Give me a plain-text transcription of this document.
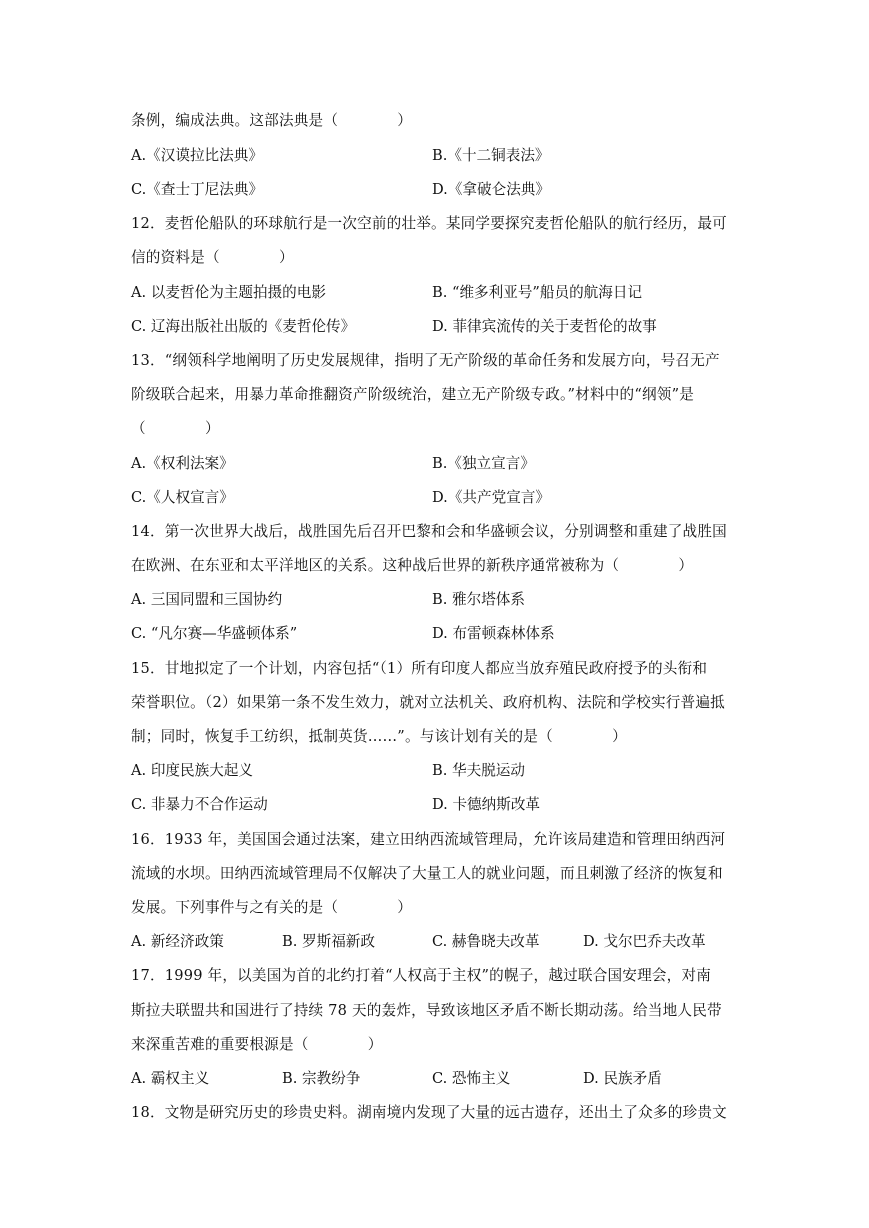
条例，编成法典。这部法典是（　　　　）
A.《汉谟拉比法典》	B.《十二铜表法》
C.《查士丁尼法典》	D.《拿破仑法典》
12．麦哲伦船队的环球航行是一次空前的壮举。某同学要探究麦哲伦船队的航行经历，最可
信的资料是（　　　　）
A. 以麦哲伦为主题拍摄的电影	B. “维多利亚号”船员的航海日记
C. 辽海出版社出版的《麦哲伦传》	D. 菲律宾流传的关于麦哲伦的故事
13．“纲领科学地阐明了历史发展规律，指明了无产阶级的革命任务和发展方向，号召无产
阶级联合起来，用暴力革命推翻资产阶级统治，建立无产阶级专政。”材料中的“纲领”是
（　　　　）
A.《权利法案》	B.《独立宣言》
C.《人权宣言》	D.《共产党宣言》
14．第一次世界大战后，战胜国先后召开巴黎和会和华盛顿会议，分别调整和重建了战胜国
在欧洲、在东亚和太平洋地区的关系。这种战后世界的新秩序通常被称为（　　　　）
A. 三国同盟和三国协约	B. 雅尔塔体系
C. “凡尔赛—华盛顿体系”	D. 布雷顿森林体系
15．甘地拟定了一个计划，内容包括“（1）所有印度人都应当放弃殖民政府授予的头衔和
荣誉职位。（2）如果第一条不发生效力，就对立法机关、政府机构、法院和学校实行普遍抵
制；同时，恢复手工纺织，抵制英货……”。与该计划有关的是（　　　　）
A. 印度民族大起义	B. 华夫脱运动
C. 非暴力不合作运动	D. 卡德纳斯改革
16．1933 年，美国国会通过法案，建立田纳西流域管理局，允许该局建造和管理田纳西河
流域的水坝。田纳西流域管理局不仅解决了大量工人的就业问题，而且刺激了经济的恢复和
发展。下列事件与之有关的是（　　　　）
A. 新经济政策	B. 罗斯福新政	C. 赫鲁晓夫改革	D. 戈尔巴乔夫改革
17．1999 年，以美国为首的北约打着“人权高于主权”的幌子，越过联合国安理会，对南
斯拉夫联盟共和国进行了持续 78 天的轰炸，导致该地区矛盾不断长期动荡。给当地人民带
来深重苦难的重要根源是（　　　　）
A. 霸权主义	B. 宗教纷争	C. 恐怖主义	D. 民族矛盾
18．文物是研究历史的珍贵史料。湖南境内发现了大量的远古遗存，还出土了众多的珍贵文
